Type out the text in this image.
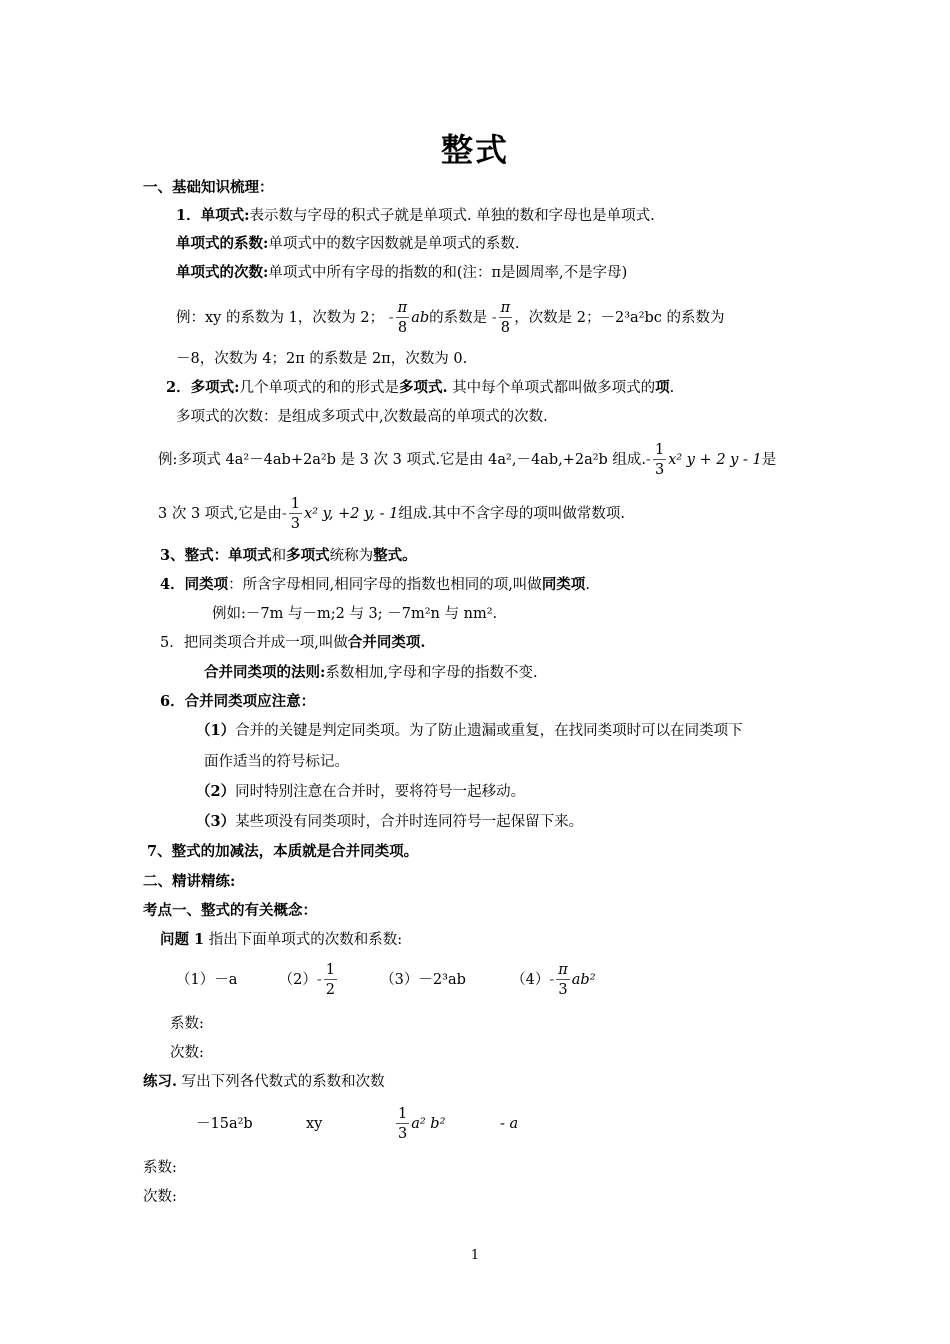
整式
一、基础知识梳理：
1．单项式:表示数与字母的积式子就是单项式. 单独的数和字母也是单项式.
单项式的系数:单项式中的数字因数就是单项式的系数.
单项式的次数:单项式中所有字母的指数的和(注：π是圆周率,不是字母)
例：xy 的系数为 1，次数为 2； - $\frac{\pi}{8}$ ab的系数是 - $\frac{\pi}{8}$ ，次数是 2；－2³a²bc 的系数为
－8，次数为 4；2π 的系数是 2π，次数为 0.
2．多项式:几个单项式的和的形式是多项式. 其中每个单项式都叫做多项式的项.
多项式的次数：是组成多项式中,次数最高的单项式的次数.
例:多项式 4a²－4ab+2a²b 是 3 次 3 项式.它是由 4a²,－4ab,+2a²b 组成.- $\frac{1}{3} x^2$ y + 2 y - 1是
3 次 3 项式,它是由- $\frac{1}{3} x^2$ y, +2 y, - 1组成.其中不含字母的项叫做常数项.
3、整式：单项式和多项式统称为整式。
4．同类项：所含字母相同,相同字母的指数也相同的项,叫做同类项.
例如:－7m 与－m;2 与 3; －7m²n 与 nm².
5．把同类项合并成一项,叫做合并同类项.
合并同类项的法则:系数相加,字母和字母的指数不变.
6．合并同类项应注意：
（1）合并的关键是判定同类项。为了防止遗漏或重复，在找同类项时可以在同类项下
面作适当的符号标记。
（2）同时特别注意在合并时，要将符号一起移动。
（3）某些项没有同类项时，合并时连同符号一起保留下来。
7、整式的加减法，本质就是合并同类项。
二、精讲精练:
考点一、整式的有关概念：
问题 1 指出下面单项式的次数和系数:
（1）－a	$(2)- \frac{1}{2}$	（3）－2³ab	$(4)- \frac{\pi}{3} ab^2$
系数:
次数:
练习. 写出下列各代数式的系数和次数
－15a²b	xy	$\frac{1}{3} a^2$ b²	- a
系数:
次数:
1
